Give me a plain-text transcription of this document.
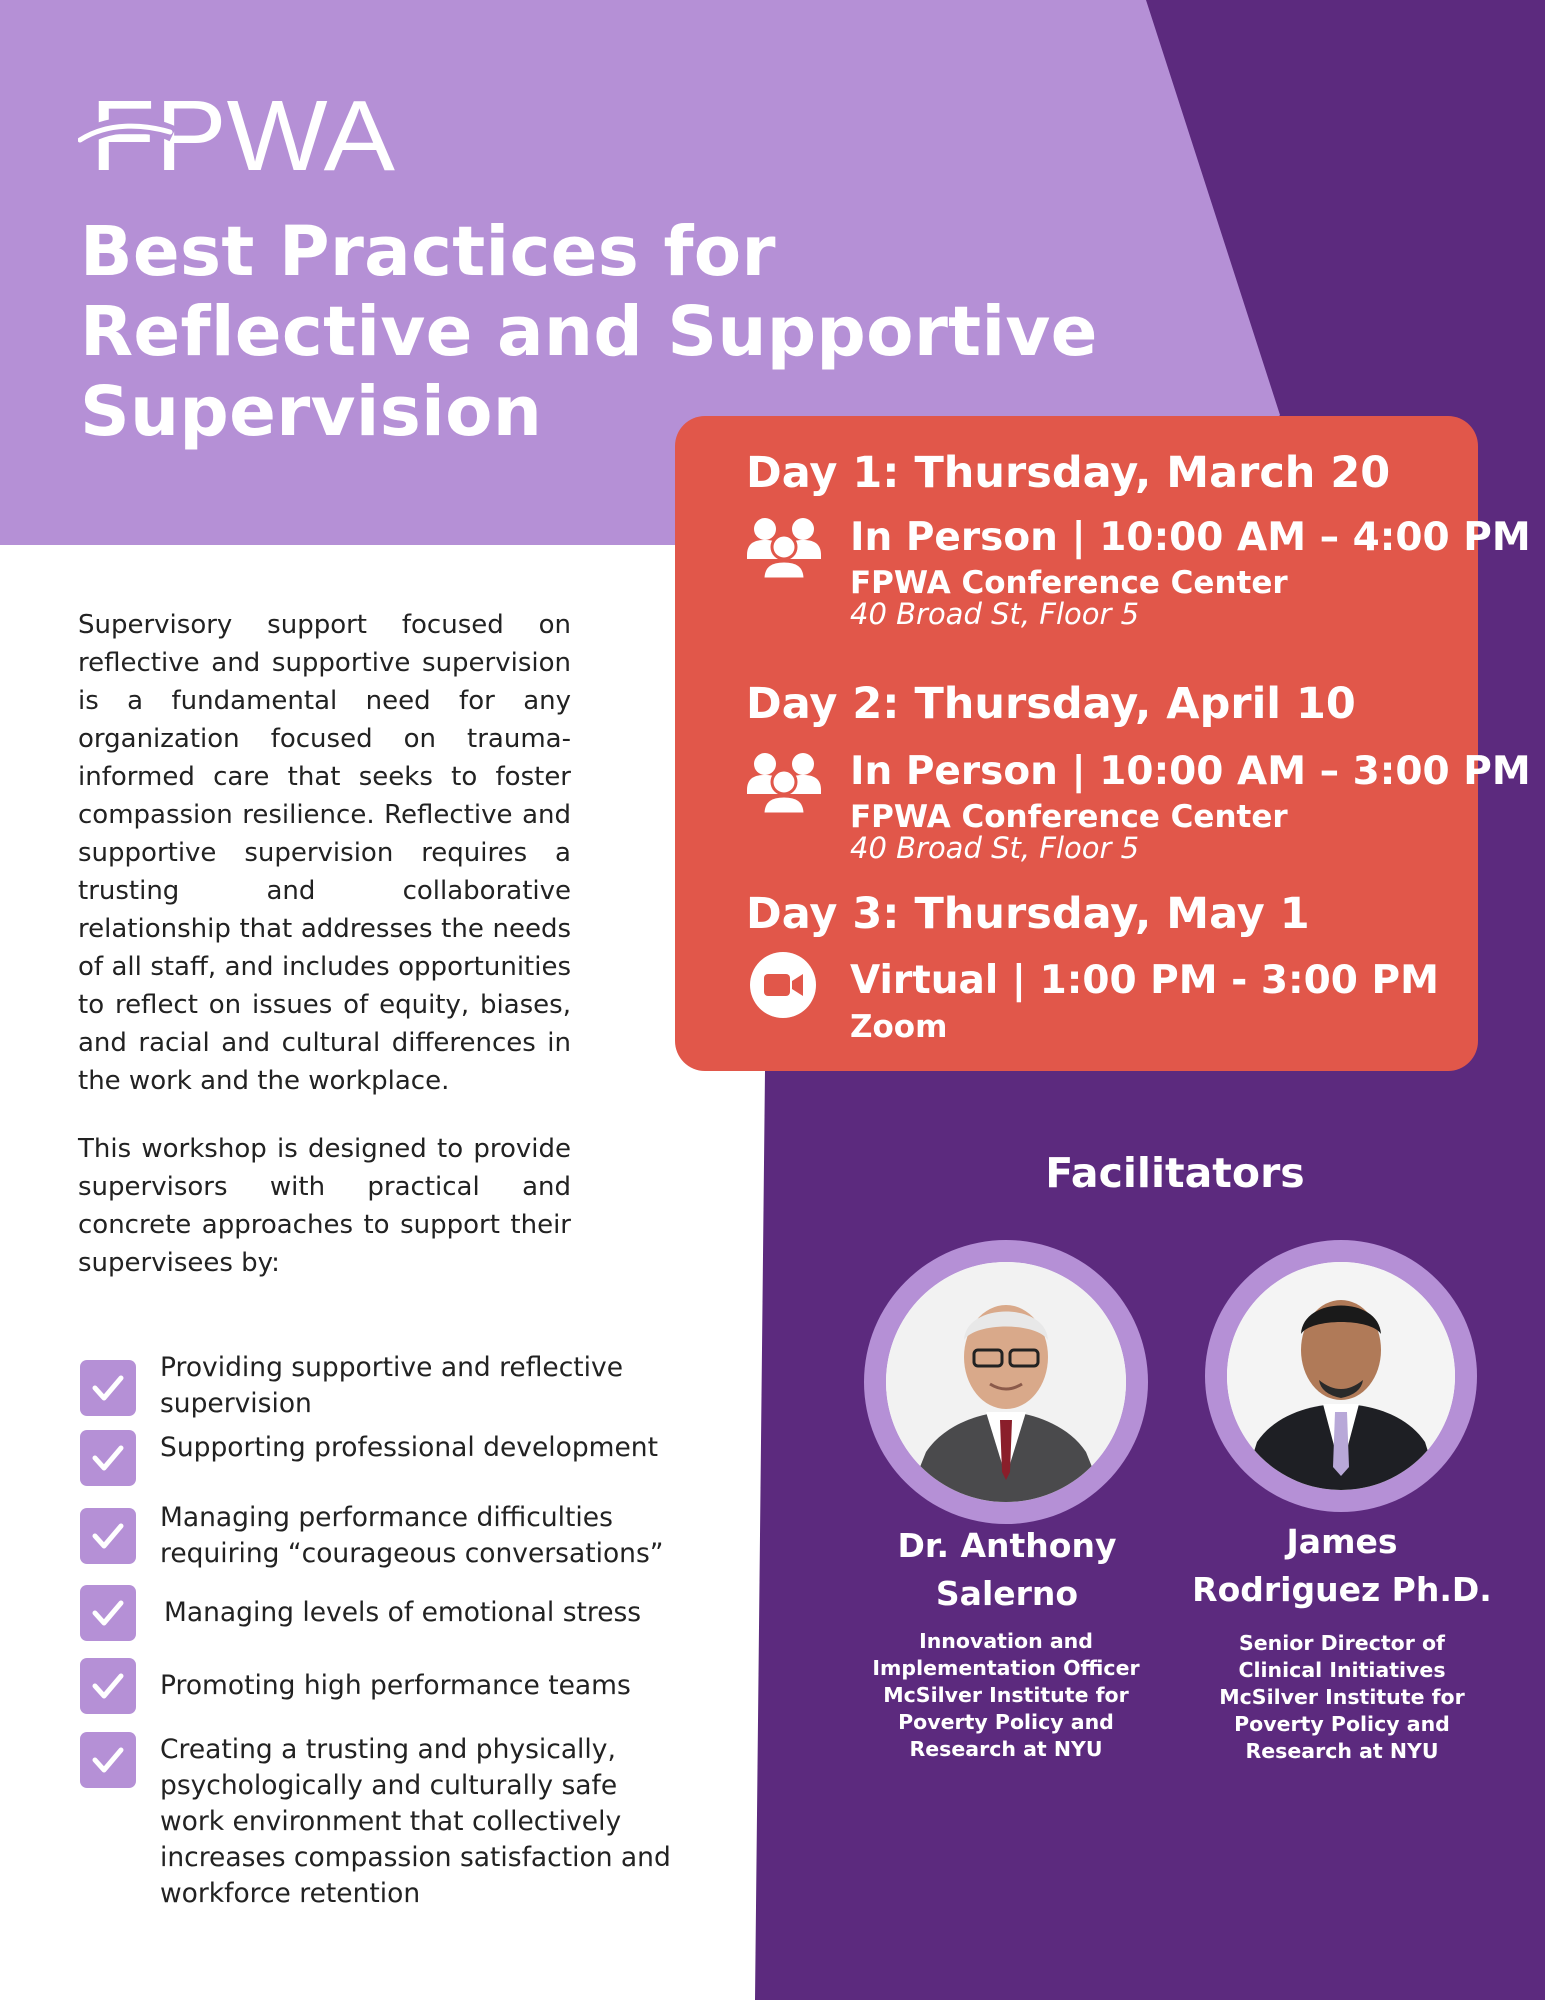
FPWA
Best Practices for Reflective and Supportive Supervision
Day 1: Thursday, March 20
In Person | 10:00 AM – 4:00 PM
FPWA Conference Center
40 Broad St, Floor 5
Day 2: Thursday, April 10
In Person | 10:00 AM – 3:00 PM
FPWA Conference Center
40 Broad St, Floor 5
Day 3: Thursday, May 1
Virtual | 1:00 PM - 3:00 PM
Zoom

Supervisory support focused on reflective and supportive supervision is a fundamental need for any organization focused on trauma-informed care that seeks to foster compassion resilience. Reflective and supportive supervision requires a trusting and collaborative relationship that addresses the needs of all staff, and includes opportunities to reflect on issues of equity, biases, and racial and cultural differences in the work and the workplace.

This workshop is designed to provide supervisors with practical and concrete approaches to support their supervisees by:

Providing supportive and reflective supervision
Supporting professional development
Managing performance difficulties requiring “courageous conversations”
Managing levels of emotional stress
Promoting high performance teams
Creating a trusting and physically, psychologically and culturally safe work environment that collectively increases compassion satisfaction and workforce retention
Facilitators

Dr. Anthony Salerno

Innovation and Implementation Officer McSilver Institute for Poverty Policy and Research at NYU

James Rodriguez Ph.D.

Senior Director of Clinical Initiatives McSilver Institute for Poverty Policy and Research at NYU
